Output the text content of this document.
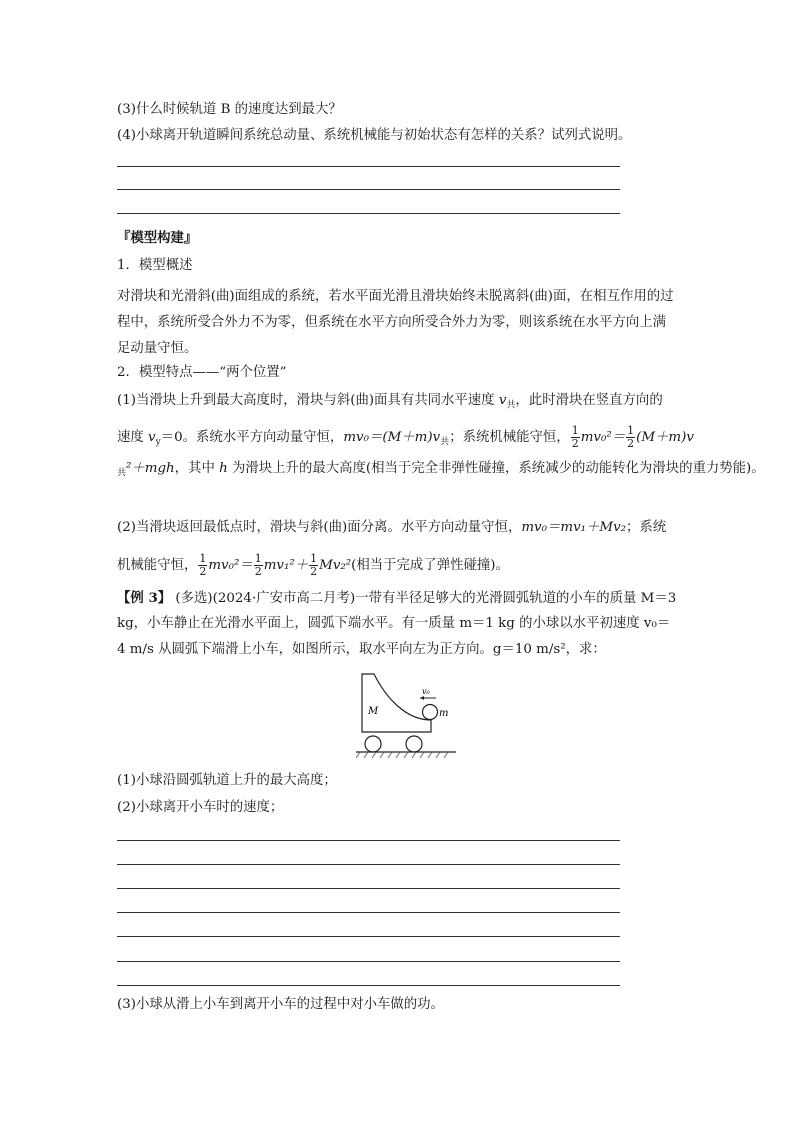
(3)什么时候轨道 B 的速度达到最大？
(4)小球离开轨道瞬间系统总动量、系统机械能与初始状态有怎样的关系？试列式说明。
『模型构建』
1．模型概述
对滑块和光滑斜(曲)面组成的系统，若水平面光滑且滑块始终未脱离斜(曲)面，在相互作用的过程中，系统所受合外力不为零，但系统在水平方向所受合外力为零，则该系统在水平方向上满足动量守恒。
2．模型特点——“两个位置”
(1)当滑块上升到最大高度时，滑块与斜(曲)面具有共同水平速度 $v_共$，此时滑块在竖直方向的
速度 $v_y=0$。系统水平方向动量守恒，$mv_0=(M+m)v_共$；系统机械能守恒， $\frac{1}{2} mv_0^2= \frac{1}{2} (M+m)v$
$_共$²＋mgh，其中 h 为滑块上升的最大高度(相当于完全非弹性碰撞，系统减少的动能转化为滑块的重力势能)。
(2)当滑块返回最低点时，滑块与斜(曲)面分离。水平方向动量守恒，mv₀＝mv₁＋Mv₂；系统
机械能守恒， $\frac{1}{2} mv_0^2= \frac{1}{2} mv_1^2+ \frac{1}{2} Mv_2^2$(相当于完成了弹性碰撞)。
【例 3】 (多选)(2024·广安市高二月考)一带有半径足够大的光滑圆弧轨道的小车的质量 M＝3
kg，小车静止在光滑水平面上，圆弧下端水平。有一质量 m＝1 kg 的小球以水平初速度 v₀＝
4 m/s 从圆弧下端滑上小车，如图所示，取水平向左为正方向。g＝10 m/s²，求：
v₀
M	m
(1)小球沿圆弧轨道上升的最大高度；
(2)小球离开小车时的速度；
(3)小球从滑上小车到离开小车的过程中对小车做的功。
